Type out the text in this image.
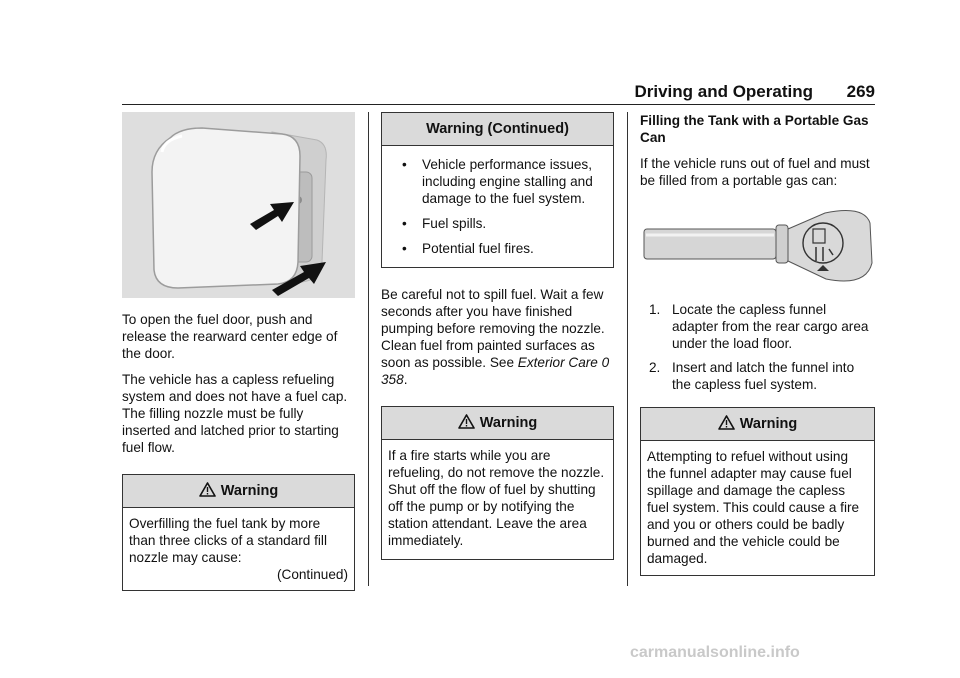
Driving and Operating 269

To open the fuel door, push and release the rearward center edge of the door.

The vehicle has a capless refueling system and does not have a fuel cap. The filling nozzle must be fully inserted and latched prior to starting fuel flow.

Warning

Overfilling the fuel tank by more than three clicks of a standard fill nozzle may cause:

(Continued)

Warning (Continued)
• Vehicle performance issues, including engine stalling and damage to the fuel system.
• Fuel spills.
• Potential fuel fires.

Be careful not to spill fuel. Wait a few seconds after you have finished pumping before removing the nozzle. Clean fuel from painted surfaces as soon as possible. See Exterior Care 0 358.

Warning

If a fire starts while you are refueling, do not remove the nozzle. Shut off the flow of fuel by shutting off the pump or by notifying the station attendant. Leave the area immediately.

Filling the Tank with a Portable Gas Can

If the vehicle runs out of fuel and must be filled from a portable gas can:

1. Locate the capless funnel adapter from the rear cargo area under the load floor.
2. Insert and latch the funnel into the capless fuel system.
Warning

Attempting to refuel without using the funnel adapter may cause fuel spillage and damage the capless fuel system. This could cause a fire and you or others could be badly burned and the vehicle could be damaged.

carmanualsonline.info
